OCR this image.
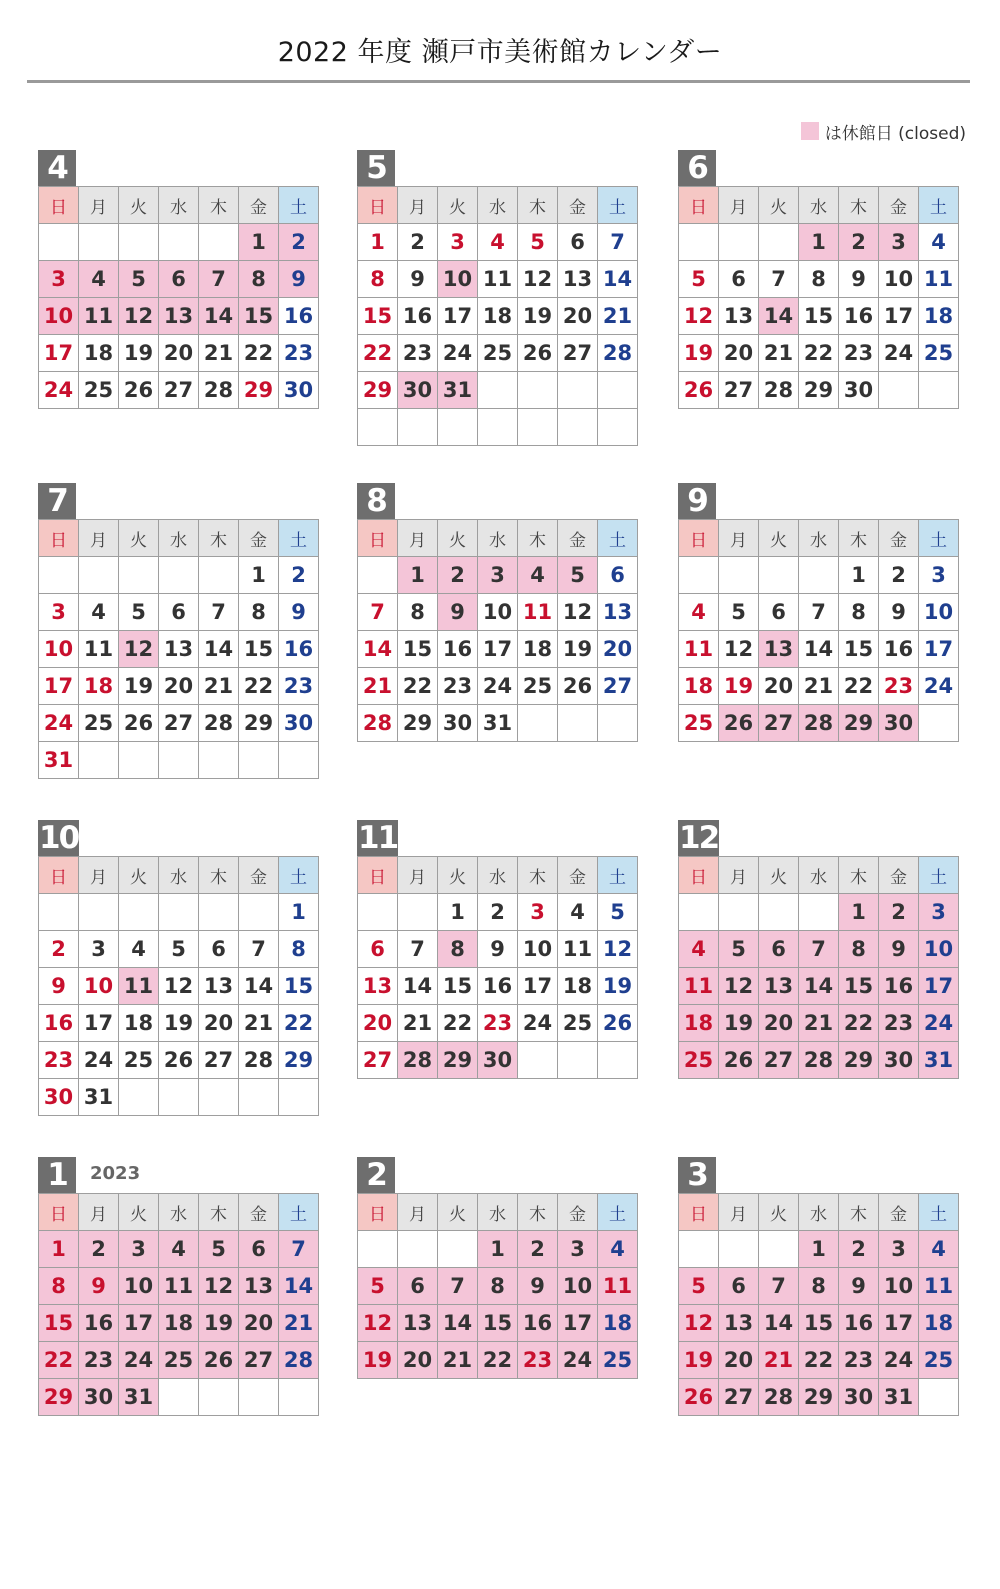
2022 年度 瀬戸市美術館カレンダー
は休館日 (closed)
4
日	月	火	水	木	金	土
					1	2
3	4	5	6	7	8	9
10	11	12	13	14	15	16
17	18	19	20	21	22	23
24	25	26	27	28	29	30
5
日	月	火	水	木	金	土
1	2	3	4	5	6	7
8	9	10	11	12	13	14
15	16	17	18	19	20	21
22	23	24	25	26	27	28
29	30	31				

6
日	月	火	水	木	金	土
			1	2	3	4
5	6	7	8	9	10	11
12	13	14	15	16	17	18
19	20	21	22	23	24	25
26	27	28	29	30		
7
日	月	火	水	木	金	土
					1	2
3	4	5	6	7	8	9
10	11	12	13	14	15	16
17	18	19	20	21	22	23
24	25	26	27	28	29	30
31						
8
日	月	火	水	木	金	土
	1	2	3	4	5	6
7	8	9	10	11	12	13
14	15	16	17	18	19	20
21	22	23	24	25	26	27
28	29	30	31			
9
日	月	火	水	木	金	土
				1	2	3
4	5	6	7	8	9	10
11	12	13	14	15	16	17
18	19	20	21	22	23	24
25	26	27	28	29	30	
10
日	月	火	水	木	金	土
						1
2	3	4	5	6	7	8
9	10	11	12	13	14	15
16	17	18	19	20	21	22
23	24	25	26	27	28	29
30	31					
11
日	月	火	水	木	金	土
		1	2	3	4	5
6	7	8	9	10	11	12
13	14	15	16	17	18	19
20	21	22	23	24	25	26
27	28	29	30			
12
日	月	火	水	木	金	土
				1	2	3
4	5	6	7	8	9	10
11	12	13	14	15	16	17
18	19	20	21	22	23	24
25	26	27	28	29	30	31
1	2023
日	月	火	水	木	金	土
1	2	3	4	5	6	7
8	9	10	11	12	13	14
15	16	17	18	19	20	21
22	23	24	25	26	27	28
29	30	31				
2
日	月	火	水	木	金	土
			1	2	3	4
5	6	7	8	9	10	11
12	13	14	15	16	17	18
19	20	21	22	23	24	25
3
日	月	火	水	木	金	土
			1	2	3	4
5	6	7	8	9	10	11
12	13	14	15	16	17	18
19	20	21	22	23	24	25
26	27	28	29	30	31	
